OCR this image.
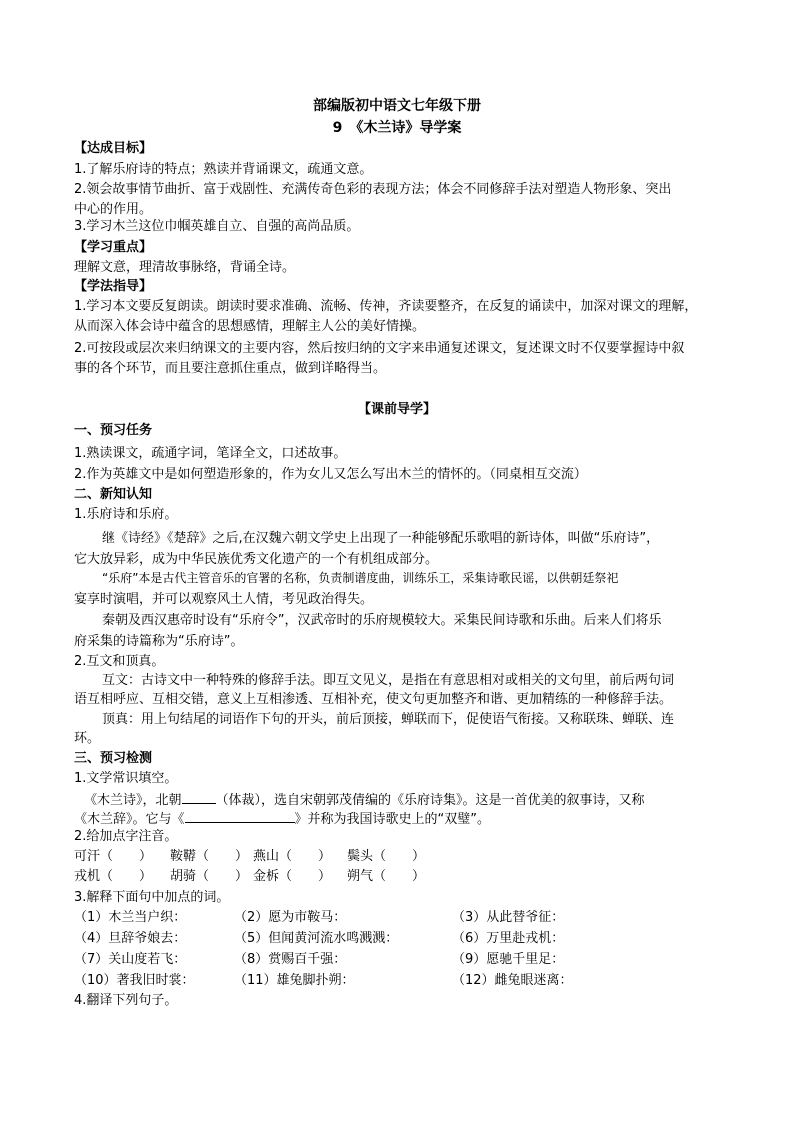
部编版初中语文七年级下册
9　《木兰诗》导学案
【达成目标】
1.了解乐府诗的特点；熟读并背诵课文，疏通文意。
2.领会故事情节曲折、富于戏剧性、充满传奇色彩的表现方法；体会不同修辞手法对塑造人物形象、突出
中心的作用。
3.学习木兰这位巾帼英雄自立、自强的高尚品质。
【学习重点】
理解文意，理清故事脉络，背诵全诗。
【学法指导】
1.学习本文要反复朗读。朗读时要求准确、流畅、传神，齐读要整齐，在反复的诵读中，加深对课文的理解，
从而深入体会诗中蕴含的思想感情，理解主人公的美好情操。
2.可按段或层次来归纳课文的主要内容，然后按归纳的文字来串通复述课文，复述课文时不仅要掌握诗中叙
事的各个环节，而且要注意抓住重点，做到详略得当。
【课前导学】
一、预习任务
1.熟读课文，疏通字词，笔译全文，口述故事。
2.作为英雄文中是如何塑造形象的，作为女儿又怎么写出木兰的情怀的。（同桌相互交流）
二、新知认知
1.乐府诗和乐府。
继《诗经》《楚辞》之后,在汉魏六朝文学史上出现了一种能够配乐歌唱的新诗体，叫做“乐府诗”，
它大放异彩，成为中华民族优秀文化遗产的一个有机组成部分。
“乐府”本是古代主管音乐的官署的名称，负责制谱度曲，训练乐工，采集诗歌民谣，以供朝廷祭祀
宴享时演唱，并可以观察风土人情，考见政治得失。
秦朝及西汉惠帝时设有“乐府令”，汉武帝时的乐府规模较大。采集民间诗歌和乐曲。后来人们将乐
府采集的诗篇称为“乐府诗”。
2.互文和顶真。
互文：古诗文中一种特殊的修辞手法。即互文见义，是指在有意思相对或相关的文句里，前后两句词
语互相呼应、互相交错，意义上互相渗透、互相补充，使文句更加整齐和谐、更加精练的一种修辞手法。
顶真：用上句结尾的词语作下句的开头，前后顶接，蝉联而下，促使语气衔接。又称联珠、蝉联、连
环。
三、预习检测
1.文学常识填空。
《木兰诗》，北朝	（体裁），选自宋朝郭茂倩编的《乐府诗集》。这是一首优美的叙事诗，又称
《木兰辞》。它与《	》并称为我国诗歌史上的“双璧”。
2.给加点字注音。
可汗（　　） 鞍鞯（　　） 燕山（　　） 鬓头（　　）
戎机（　　） 胡骑（　　） 金柝（　　） 朔气（　　）
3.解释下面句中加点的词。
（1）木兰当户织：	（2）愿为市鞍马：	（3）从此替爷征：
（4）旦辞爷娘去：	（5）但闻黄河流水鸣溅溅：	（6）万里赴戎机：
（7）关山度若飞：	（8）赏赐百千强：	（9）愿驰千里足：
（10）著我旧时裳：	（11）雄兔脚扑朔：	（12）雌兔眼迷离：
4.翻译下列句子。
